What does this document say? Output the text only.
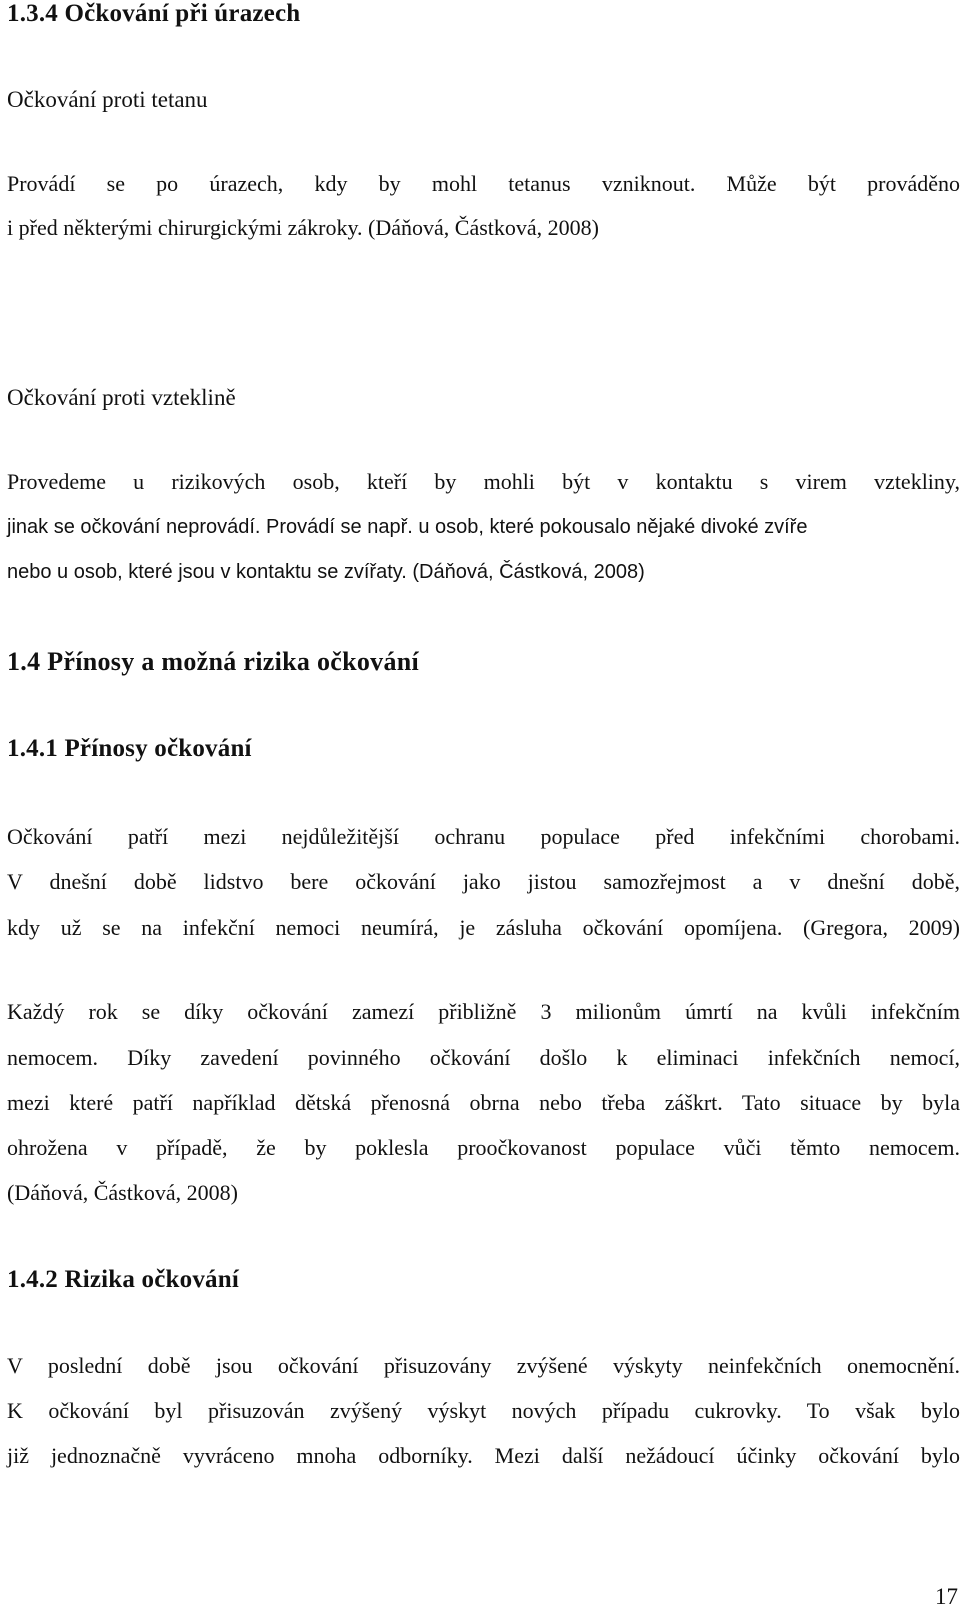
1.3.4 Očkování při úrazech
Očkování proti tetanu
Provádí se po úrazech, kdy by mohl tetanus vzniknout. Může být prováděno
i před některými chirurgickými zákroky. (Dáňová, Částková, 2008)
Očkování proti vzteklině
Provedeme u rizikových osob, kteří by mohli být v kontaktu s virem vztekliny,
jinak se očkování neprovádí. Provádí se např. u osob, které pokousalo nějaké divoké zvíře
nebo u osob, které jsou v kontaktu se zvířaty. (Dáňová, Částková, 2008)
1.4 Přínosy a možná rizika očkování
1.4.1 Přínosy očkování
Očkování patří mezi nejdůležitější ochranu populace před infekčními chorobami.
V dnešní době lidstvo bere očkování jako jistou samozřejmost a v dnešní době,
kdy už se na infekční nemoci neumírá, je zásluha očkování opomíjena. (Gregora, 2009)
Každý rok se díky očkování zamezí přibližně 3 milionům úmrtí na kvůli infekčním
nemocem. Díky zavedení povinného očkování došlo k eliminaci infekčních nemocí,
mezi které patří například dětská přenosná obrna nebo třeba záškrt. Tato situace by byla
ohrožena v případě, že by poklesla proočkovanost populace vůči těmto nemocem.
(Dáňová, Částková, 2008)
1.4.2 Rizika očkování
V poslední době jsou očkování přisuzovány zvýšené výskyty neinfekčních onemocnění.
K očkování byl přisuzován zvýšený výskyt nových případu cukrovky. To však bylo
již jednoznačně vyvráceno mnoha odborníky. Mezi další nežádoucí účinky očkování bylo
17
